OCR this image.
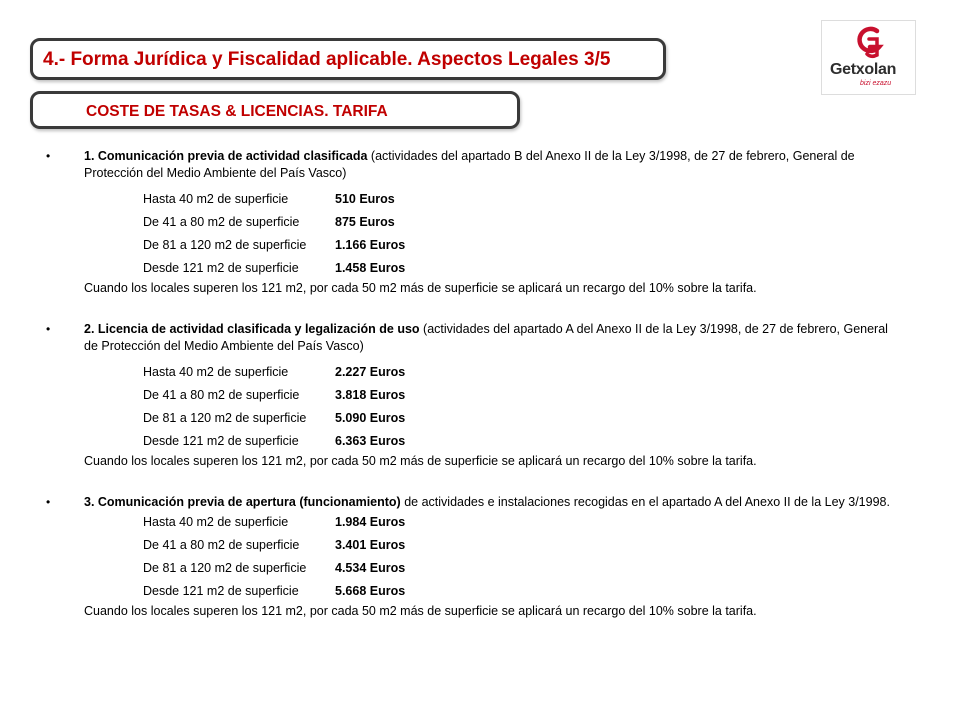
4.- Forma Jurídica y Fiscalidad aplicable. Aspectos Legales 3/5
COSTE DE TASAS & LICENCIAS. TARIFA
Getxolan
bizi ezazu
•	1. Comunicación previa de actividad clasificada (actividades del apartado B del Anexo II de la Ley 3/1998, de 27 de febrero, General de Protección del Medio Ambiente del País Vasco)
Hasta 40 m2 de superficie	510 Euros
De 41 a 80 m2 de superficie	875 Euros
De 81 a 120 m2 de superficie 1.166 Euros
Desde 121 m2 de superficie	1.458 Euros
Cuando los locales superen los 121 m2, por cada 50 m2 más de superficie se aplicará un recargo del 10% sobre la tarifa.
•	2. Licencia de actividad clasificada y legalización de uso (actividades del apartado A del Anexo II de la Ley 3/1998, de 27 de febrero, General de Protección del Medio Ambiente del País Vasco)
Hasta 40 m2 de superficie	2.227 Euros
De 41 a 80 m2 de superficie	3.818 Euros
De 81 a 120 m2 de superficie 5.090 Euros
Desde 121 m2 de superficie	6.363 Euros
Cuando los locales superen los 121 m2, por cada 50 m2 más de superficie se aplicará un recargo del 10% sobre la tarifa.
•	3. Comunicación previa de apertura (funcionamiento) de actividades e instalaciones recogidas en el apartado A del Anexo II de la Ley 3/1998.
Hasta 40 m2 de superficie	1.984 Euros
De 41 a 80 m2 de superficie	3.401 Euros
De 81 a 120 m2 de superficie 4.534 Euros
Desde 121 m2 de superficie	5.668 Euros
Cuando los locales superen los 121 m2, por cada 50 m2 más de superficie se aplicará un recargo del 10% sobre la tarifa.
